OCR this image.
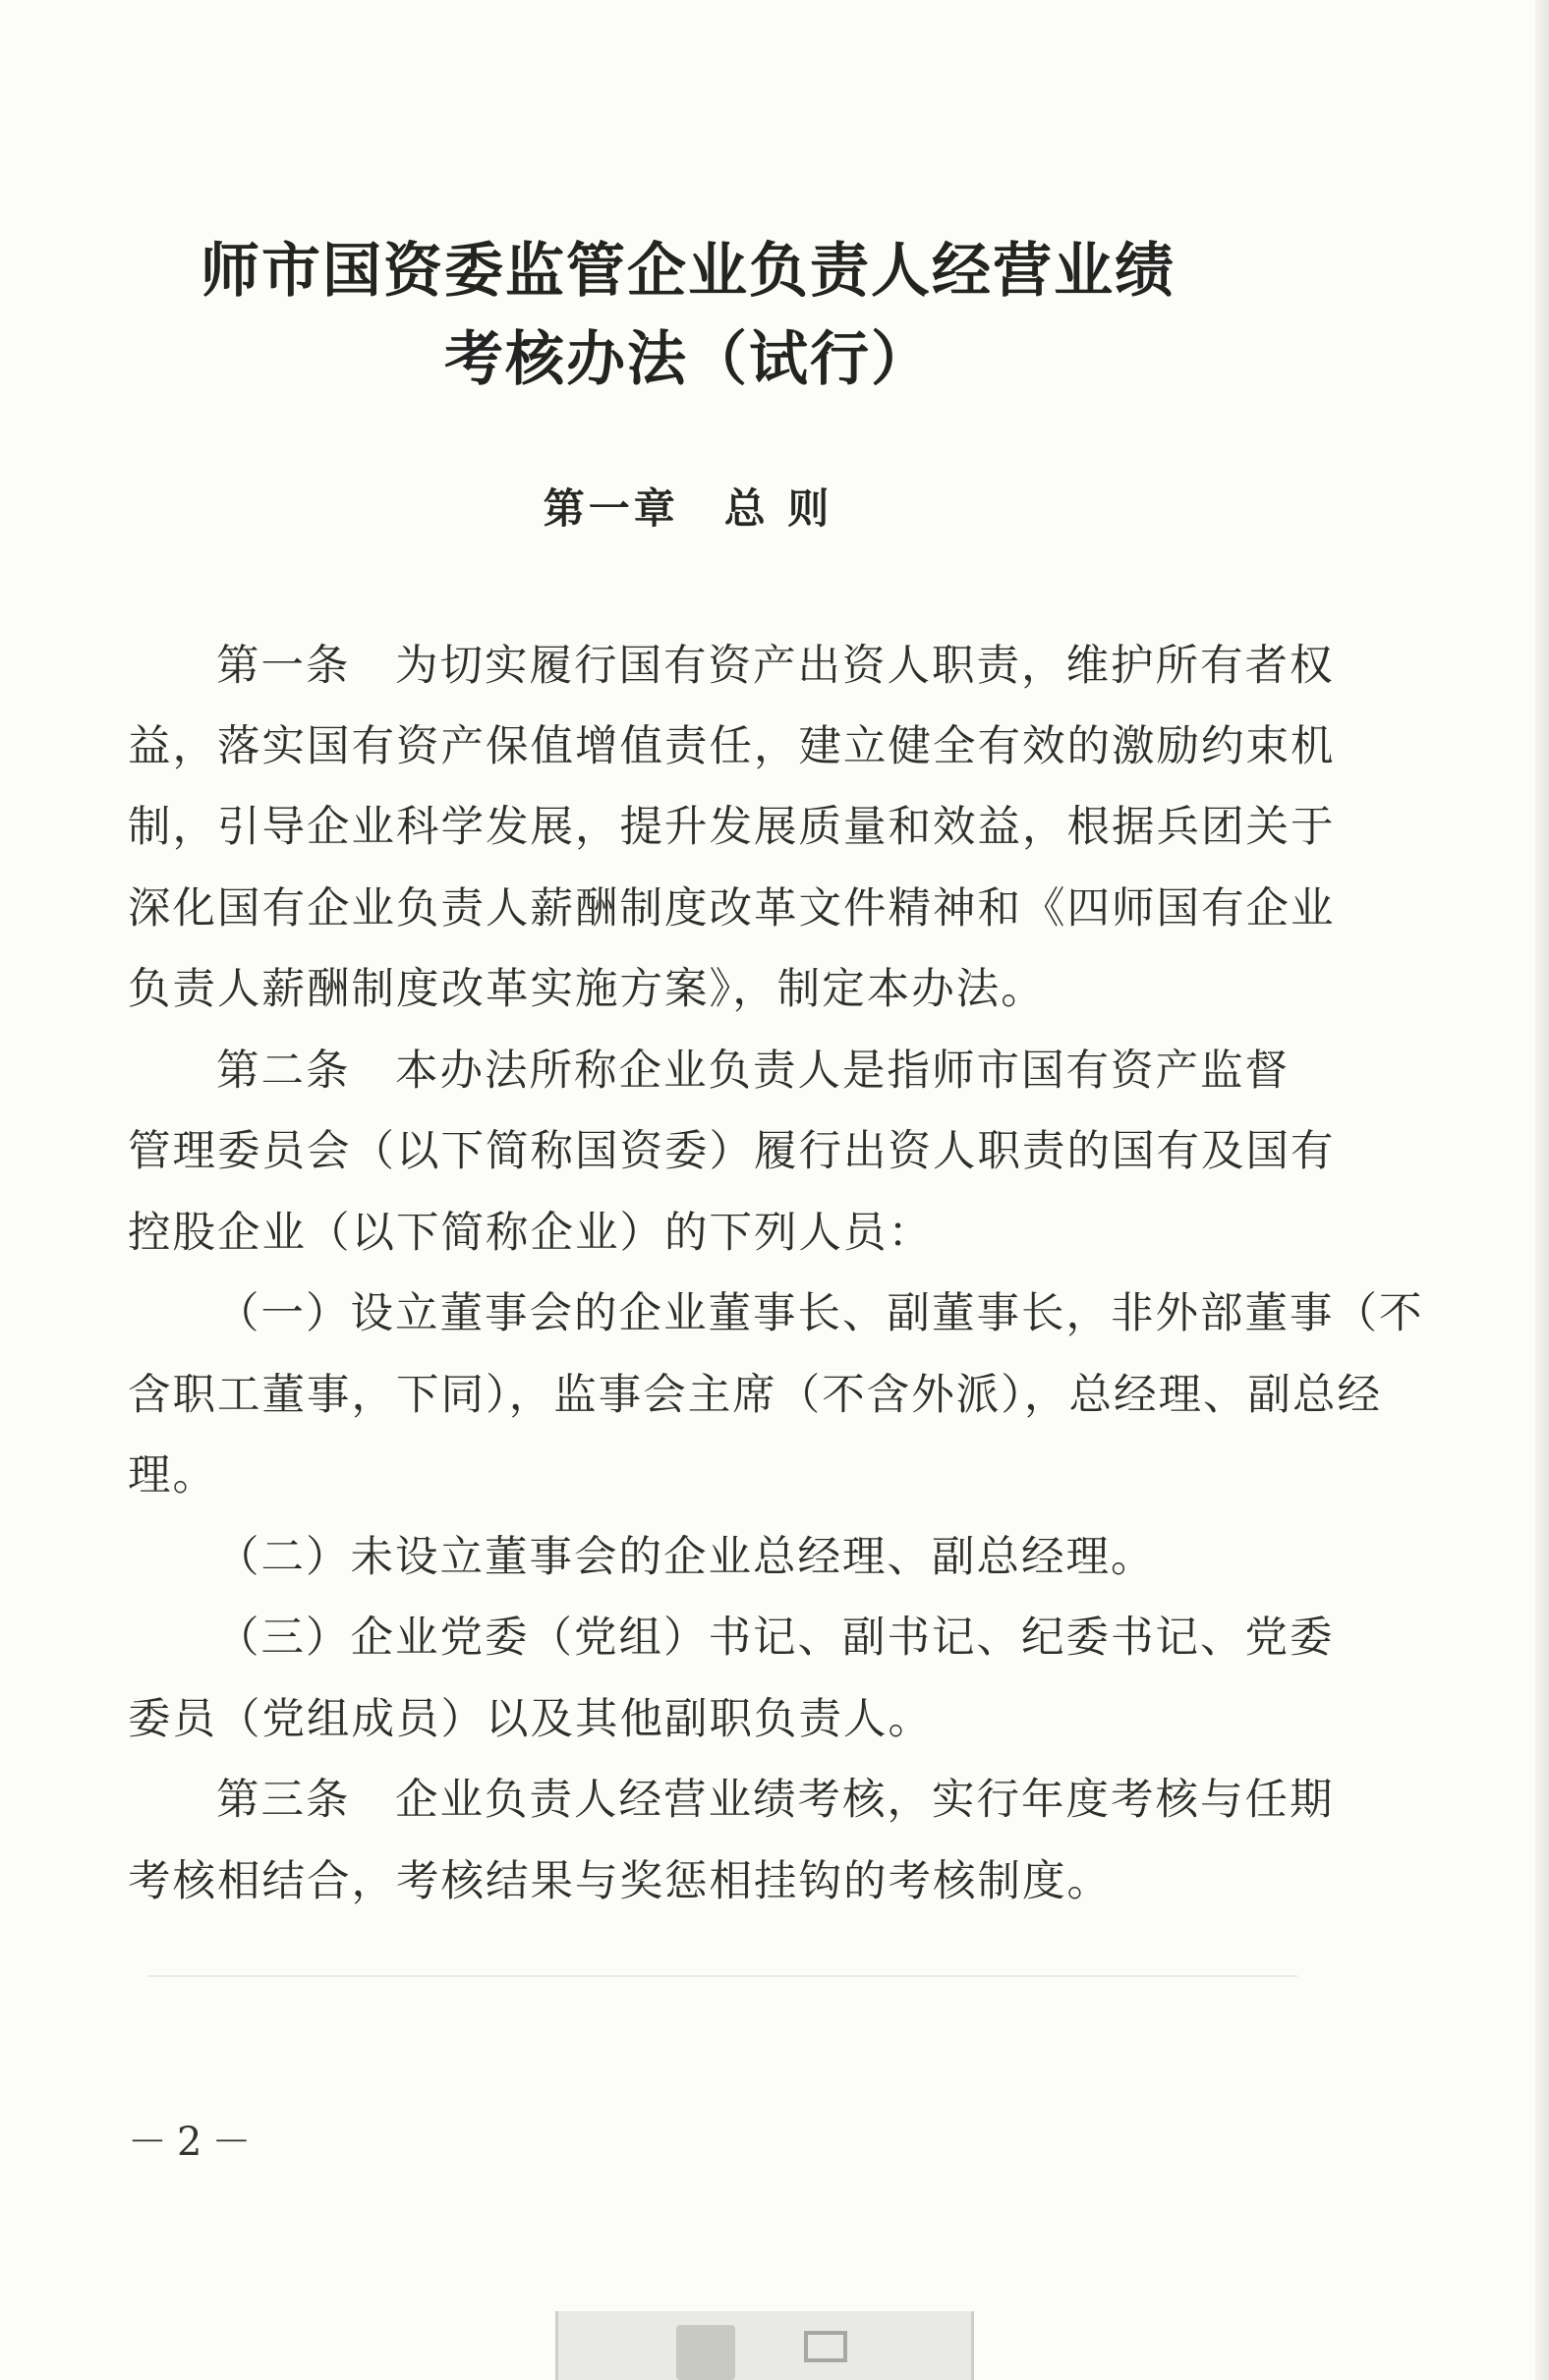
师市国资委监管企业负责人经营业绩
考核办法（试行）
第一章　总 则
第一条　为切实履行国有资产出资人职责，维护所有者权
益，落实国有资产保值增值责任，建立健全有效的激励约束机
制，引导企业科学发展，提升发展质量和效益，根据兵团关于
深化国有企业负责人薪酬制度改革文件精神和《四师国有企业
负责人薪酬制度改革实施方案》，制定本办法。
第二条　本办法所称企业负责人是指师市国有资产监督
管理委员会（以下简称国资委）履行出资人职责的国有及国有
控股企业（以下简称企业）的下列人员：
（一）设立董事会的企业董事长、副董事长，非外部董事（不
含职工董事，下同），监事会主席（不含外派），总经理、副总经
理。
（二）未设立董事会的企业总经理、副总经理。
（三）企业党委（党组）书记、副书记、纪委书记、党委
委员（党组成员）以及其他副职负责人。
第三条　企业负责人经营业绩考核，实行年度考核与任期
考核相结合，考核结果与奖惩相挂钩的考核制度。
－2－
